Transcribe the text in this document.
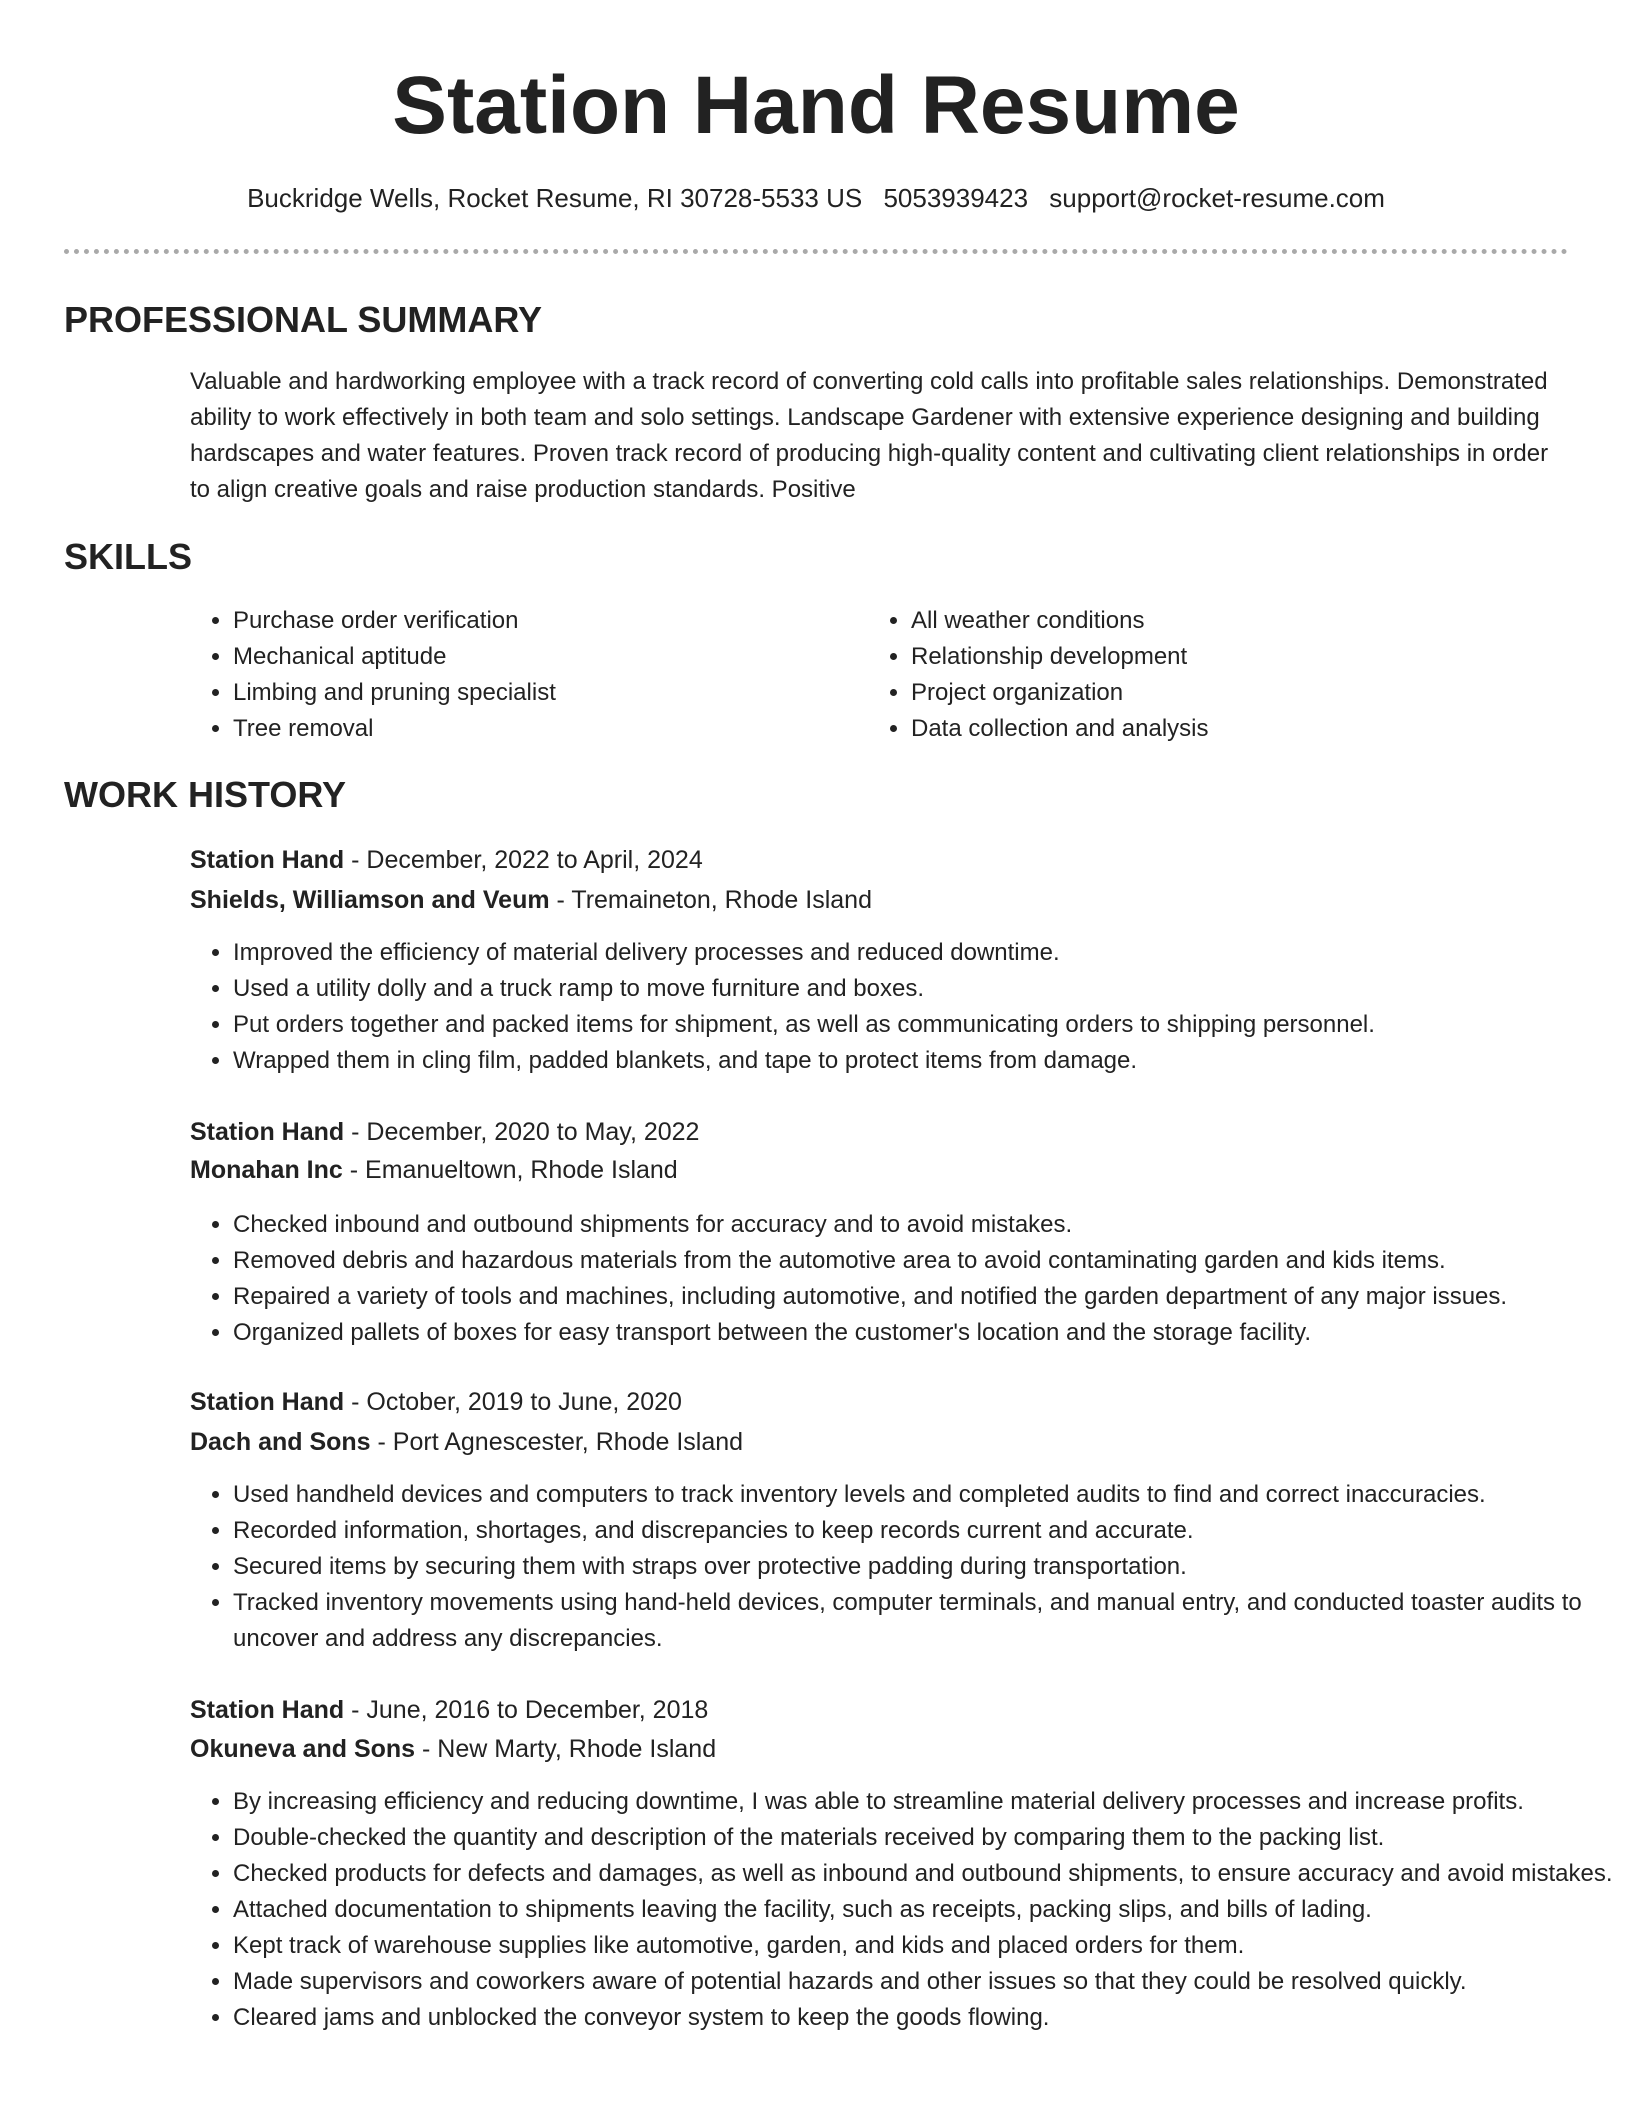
Station Hand Resume
Buckridge Wells, Rocket Resume, RI 30728-5533 US 5053939423 support@rocket-resume.com
PROFESSIONAL SUMMARY

Valuable and hardworking employee with a track record of converting cold calls into profitable sales relationships. Demonstrated ability to work effectively in both team and solo settings. Landscape Gardener with extensive experience designing and building hardscapes and water features. Proven track record of producing high-quality content and cultivating client relationships in order to align creative goals and raise production standards. Positive

SKILLS
• Purchase order verification
• Mechanical aptitude
• Limbing and pruning specialist
• Tree removal
• All weather conditions
• Relationship development
• Project organization
• Data collection and analysis
WORK HISTORY
Station Hand - December, 2022 to April, 2024
Shields, Williamson and Veum - Tremaineton, Rhode Island
• Improved the efficiency of material delivery processes and reduced downtime.
• Used a utility dolly and a truck ramp to move furniture and boxes.
• Put orders together and packed items for shipment, as well as communicating orders to shipping personnel.
• Wrapped them in cling film, padded blankets, and tape to protect items from damage.
Station Hand - December, 2020 to May, 2022
Monahan Inc - Emanueltown, Rhode Island
• Checked inbound and outbound shipments for accuracy and to avoid mistakes.
• Removed debris and hazardous materials from the automotive area to avoid contaminating garden and kids items.
• Repaired a variety of tools and machines, including automotive, and notified the garden department of any major issues.
• Organized pallets of boxes for easy transport between the customer's location and the storage facility.
Station Hand - October, 2019 to June, 2020
Dach and Sons - Port Agnescester, Rhode Island
• Used handheld devices and computers to track inventory levels and completed audits to find and correct inaccuracies.
• Recorded information, shortages, and discrepancies to keep records current and accurate.
• Secured items by securing them with straps over protective padding during transportation.
• Tracked inventory movements using hand-held devices, computer terminals, and manual entry, and conducted toaster audits to uncover and address any discrepancies.
Station Hand - June, 2016 to December, 2018
Okuneva and Sons - New Marty, Rhode Island
• By increasing efficiency and reducing downtime, I was able to streamline material delivery processes and increase profits.
• Double-checked the quantity and description of the materials received by comparing them to the packing list.
• Checked products for defects and damages, as well as inbound and outbound shipments, to ensure accuracy and avoid mistakes.
• Attached documentation to shipments leaving the facility, such as receipts, packing slips, and bills of lading.
• Kept track of warehouse supplies like automotive, garden, and kids and placed orders for them.
• Made supervisors and coworkers aware of potential hazards and other issues so that they could be resolved quickly.
• Cleared jams and unblocked the conveyor system to keep the goods flowing.
